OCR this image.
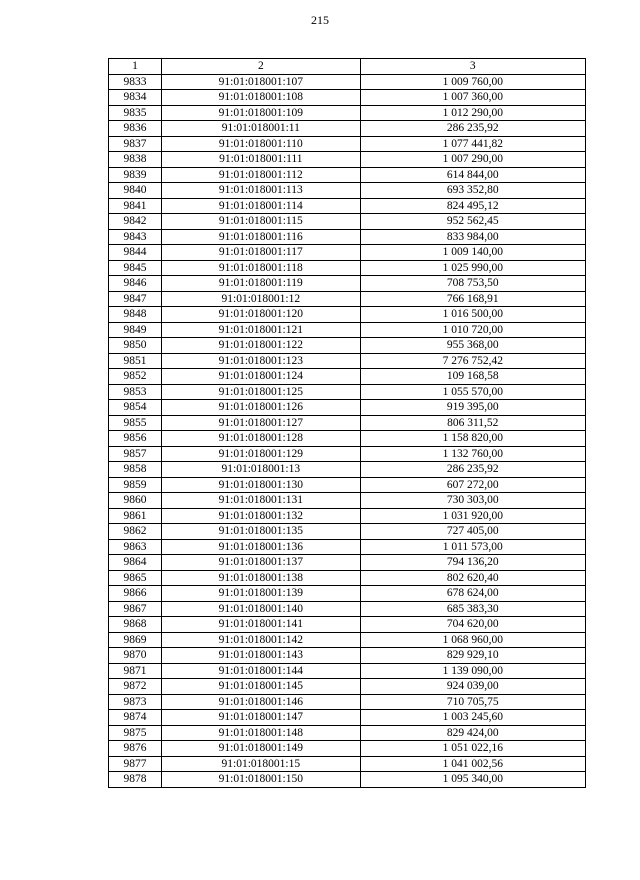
215
1	2	3
9833	91:01:018001:107	1 009 760,00
9834	91:01:018001:108	1 007 360,00
9835	91:01:018001:109	1 012 290,00
9836	91:01:018001:11	286 235,92
9837	91:01:018001:110	1 077 441,82
9838	91:01:018001:111	1 007 290,00
9839	91:01:018001:112	614 844,00
9840	91:01:018001:113	693 352,80
9841	91:01:018001:114	824 495,12
9842	91:01:018001:115	952 562,45
9843	91:01:018001:116	833 984,00
9844	91:01:018001:117	1 009 140,00
9845	91:01:018001:118	1 025 990,00
9846	91:01:018001:119	708 753,50
9847	91:01:018001:12	766 168,91
9848	91:01:018001:120	1 016 500,00
9849	91:01:018001:121	1 010 720,00
9850	91:01:018001:122	955 368,00
9851	91:01:018001:123	7 276 752,42
9852	91:01:018001:124	109 168,58
9853	91:01:018001:125	1 055 570,00
9854	91:01:018001:126	919 395,00
9855	91:01:018001:127	806 311,52
9856	91:01:018001:128	1 158 820,00
9857	91:01:018001:129	1 132 760,00
9858	91:01:018001:13	286 235,92
9859	91:01:018001:130	607 272,00
9860	91:01:018001:131	730 303,00
9861	91:01:018001:132	1 031 920,00
9862	91:01:018001:135	727 405,00
9863	91:01:018001:136	1 011 573,00
9864	91:01:018001:137	794 136,20
9865	91:01:018001:138	802 620,40
9866	91:01:018001:139	678 624,00
9867	91:01:018001:140	685 383,30
9868	91:01:018001:141	704 620,00
9869	91:01:018001:142	1 068 960,00
9870	91:01:018001:143	829 929,10
9871	91:01:018001:144	1 139 090,00
9872	91:01:018001:145	924 039,00
9873	91:01:018001:146	710 705,75
9874	91:01:018001:147	1 003 245,60
9875	91:01:018001:148	829 424,00
9876	91:01:018001:149	1 051 022,16
9877	91:01:018001:15	1 041 002,56
9878	91:01:018001:150	1 095 340,00
